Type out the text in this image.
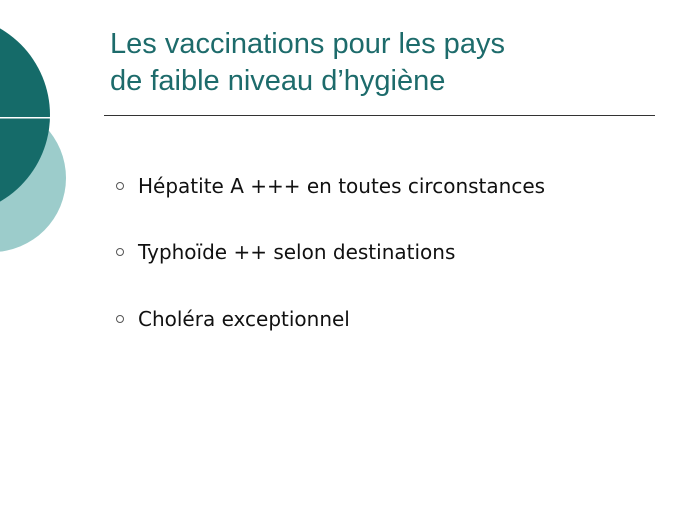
Les vaccinations pour les pays
de faible niveau d’hygiène
Hépatite A +++ en toutes circonstances
Typhoïde ++ selon destinations
Choléra exceptionnel
